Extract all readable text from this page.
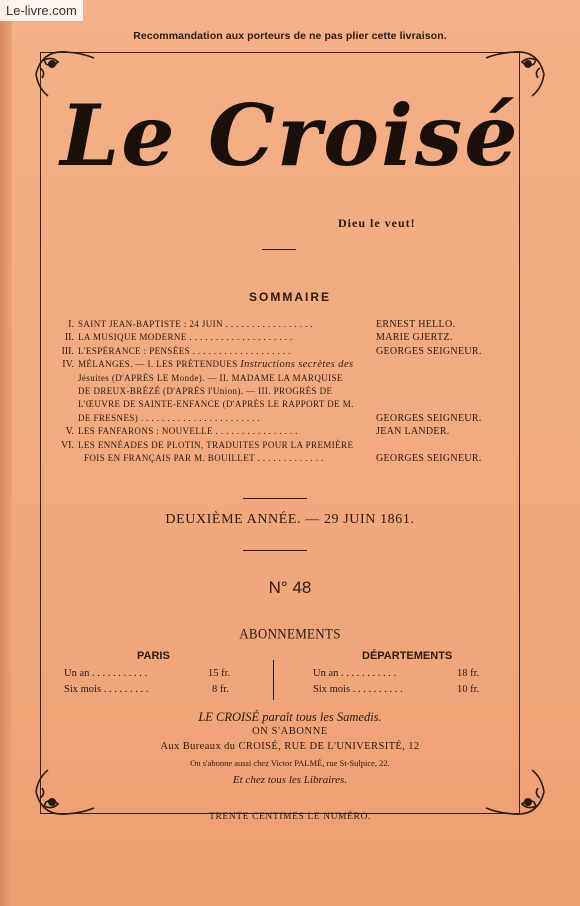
Le-livre.com
Recommandation aux porteurs de ne pas plier cette livraison.
Le Croisé
Dieu le veut!
SOMMAIRE
I. SAINT JEAN-BAPTISTE : 24 JUIN . . . . . . . . . . . . . . . . .	ERNEST HELLO.
II. LA MUSIQUE MODERNE . . . . . . . . . . . . . . . . . . . .	MARIE GJERTZ.
III. L'ESPÉRANCE : PENSÉES . . . . . . . . . . . . . . . . . . .	GEORGES SEIGNEUR.
IV. MÉLANGES. — I. LES PRÉTENDUES Instructions secrètes des
Jésuites (D'APRÈS LE Monde). — II. MADAME LA MARQUISE
DE DREUX-BRÉZÉ (D'APRÈS l'Union). — III. PROGRÈS DE
L'ŒUVRE DE SAINTE-ENFANCE (D'APRÈS LE RAPPORT DE M.
DE FRESNES) . . . . . . . . . . . . . . . . . . . . . . .	GEORGES SEIGNEUR.
V. LES FANFARONS : NOUVELLE . . . . . . . . . . . . . . . .	JEAN LANDER.
VI. LES ENNÉADES DE PLOTIN, TRADUITES POUR LA PREMIÈRE
FOIS EN FRANÇAIS PAR M. BOUILLET . . . . . . . . . . . . .	GEORGES SEIGNEUR.
DEUXIÈME ANNÉE. — 29 JUIN 1861.
N° 48
ABONNEMENTS
PARIS	DÉPARTEMENTS
Un an . . . . . . . . . . .	15 fr.
Six mois . . . . . . . . .	8 fr.
Un an . . . . . . . . . . .	18 fr.
Six mois . . . . . . . . . .	10 fr.
LE CROISÉ paraît tous les Samedis.
ON S'ABONNE
Aux Bureaux du CROISÉ, RUE DE L'UNIVERSITÉ, 12
On s'abonne aussi chez Victor PALMÉ, rue St-Sulpice, 22.
Et chez tous les Libraires.
TRENTE CENTIMES LE NUMÉRO.
